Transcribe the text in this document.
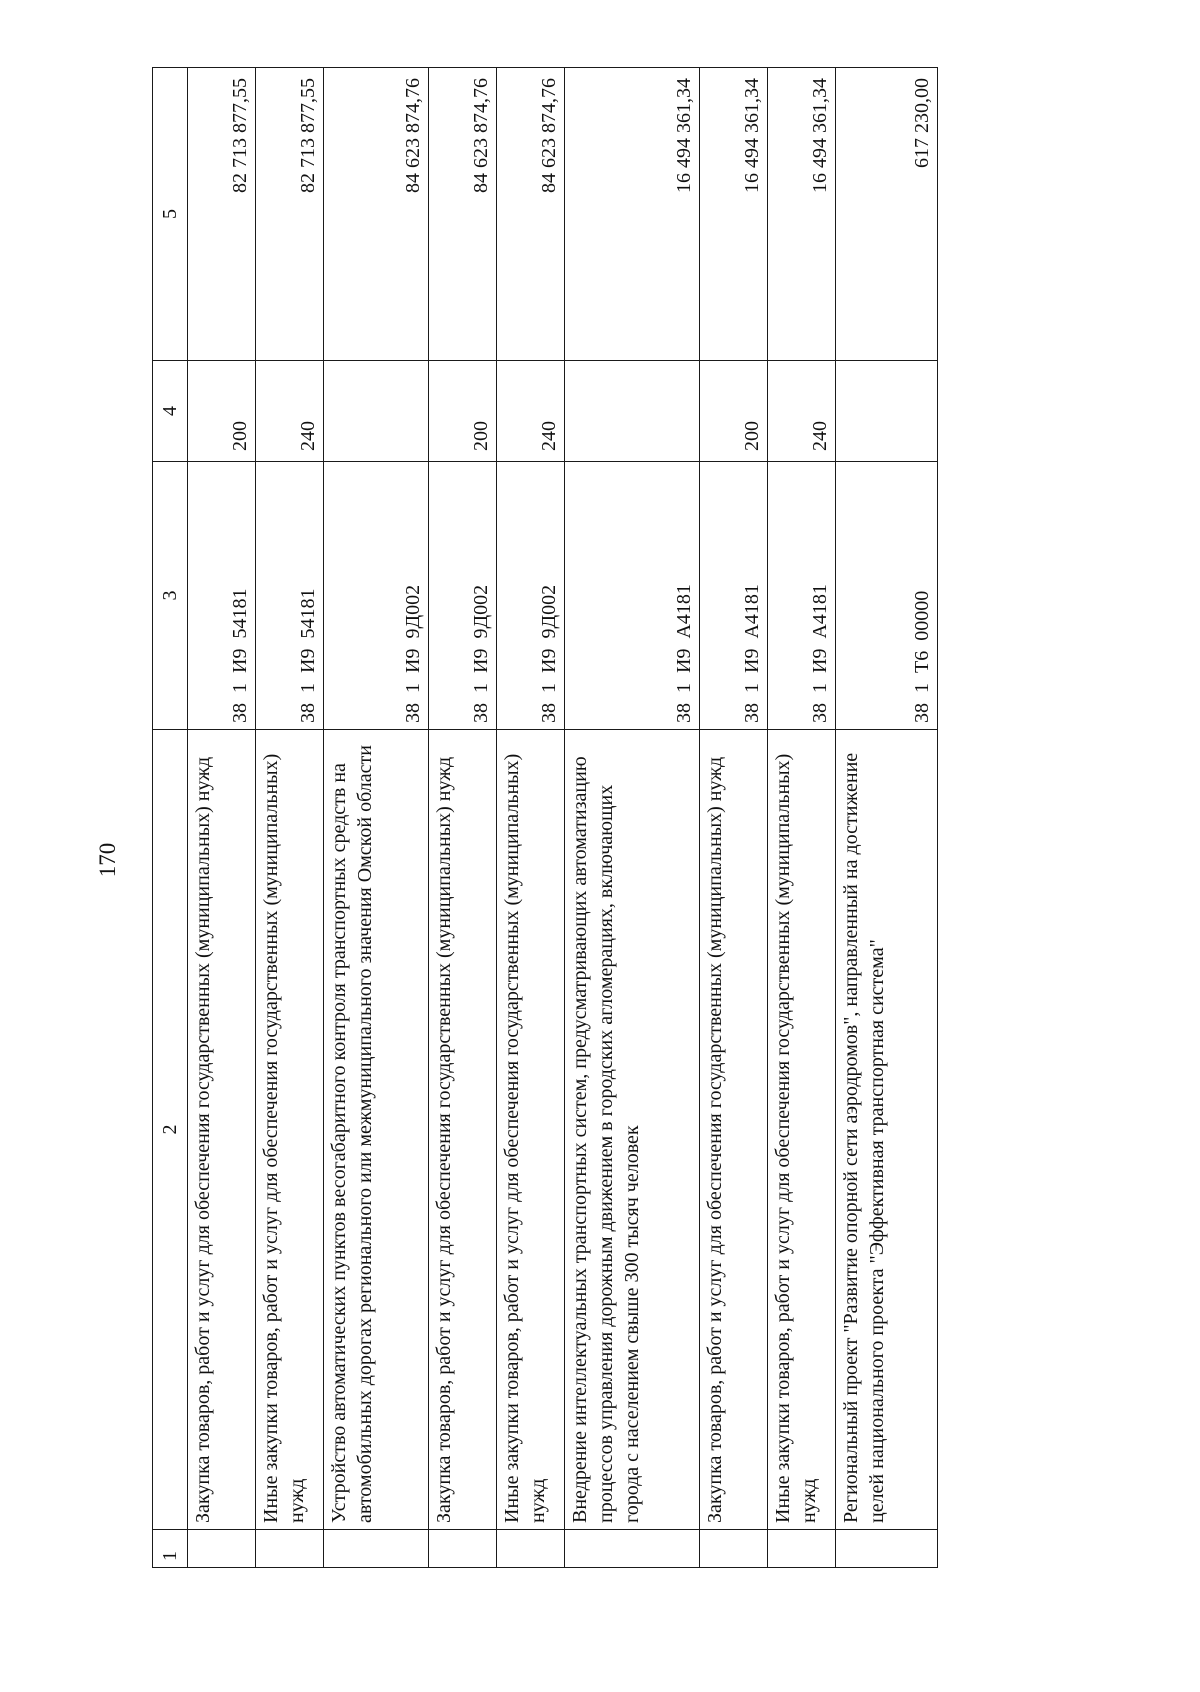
170
1	2	3	4	5
	Закупка товаров, работ и услуг для обеспечения государственных (муниципальных) нужд	38  1  И9  54181	200	82 713 877,55
	Иные закупки товаров, работ и услуг для обеспечения государственных (муниципальных) нужд	38  1  И9  54181	240	82 713 877,55
	Устройство автоматических пунктов весогабаритного контроля транспортных средств на автомобильных дорогах регионального или межмуниципального значения Омской области	38  1  И9  9Д002		84 623 874,76
	Закупка товаров, работ и услуг для обеспечения государственных (муниципальных) нужд	38  1  И9  9Д002	200	84 623 874,76
	Иные закупки товаров, работ и услуг для обеспечения государственных (муниципальных) нужд	38  1  И9  9Д002	240	84 623 874,76
	Внедрение интеллектуальных транспортных систем, предусматривающих автоматизацию процессов управления дорожным движением в городских агломерациях, включающих города с населением свыше 300 тысяч человек	38  1  И9  А4181		16 494 361,34
	Закупка товаров, работ и услуг для обеспечения государственных (муниципальных) нужд	38  1  И9  А4181	200	16 494 361,34
	Иные закупки товаров, работ и услуг для обеспечения государственных (муниципальных) нужд	38  1  И9  А4181	240	16 494 361,34
	Региональный проект "Развитие опорной сети аэродромов", направленный на достижение целей национального проекта "Эффективная транспортная система"	38  1  Т6  00000		617 230,00
